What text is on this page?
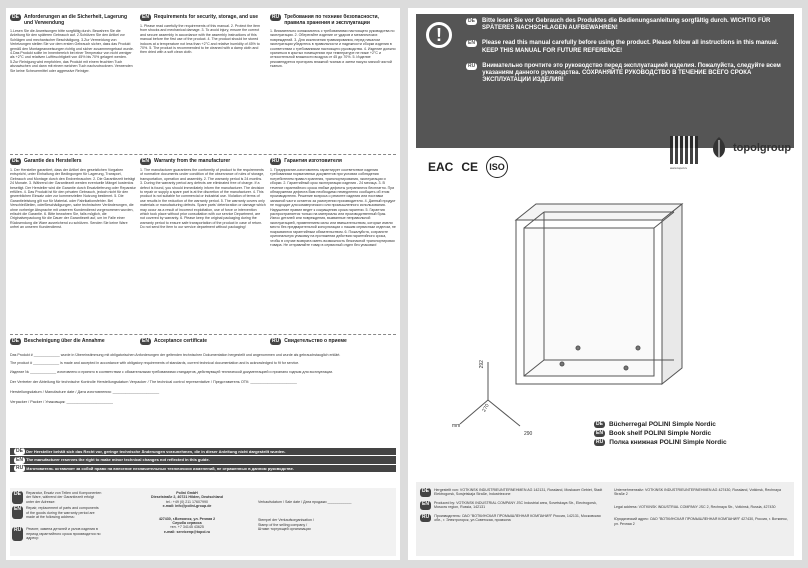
DE	Anforderungen an die Sicherheit, Lagerung und Verwendung
1.Lesen Sie die Anweisungen bitte sorgfältig durch. Bewahren Sie die Anleitung für den späteren Gebrauch auf. 2.Schützen Sie den Artikel vor Schlägen und mechanischer Beschädigung. 3.Zur Vermeidung von Verletzungen stellen Sie vor dem ersten Gebrauch sicher, dass das Produkt gemäß den Montageanweisungen richtig und sicher zusammengebaut wurde. 4.Das Produkt sollte im Innenbereich bei einer Temperatur von nicht weniger als +2°C und relativen Luftfeuchtigkeit von 45% bis 70% gelagert werden. 5.Zur Reinigung wird empfohlen, das Produkt mit einem feuchten Tuch abzuwischen und dann mit einem weichen Tuch nachzutrocknen. Verwenden Sie keine Scheuermittel oder aggressive Reiniger.
EN	Requirements for security, storage, and use
1. Please read carefully the requirements of this manual. 2. Protect the item from shocks and mechanical damage. 3. To avoid injury, ensure the correct and secure assembly in accordance with the assembly instructions of this manual before the first use of the product. 4. The product should be stored indoors at a temperature not less than +2°C and relative humidity of 45% to 70%. 5. The product is recommended to be cleaned with a damp cloth and then dried with a soft clean cloth.
RU	Требования по технике безопасности, правила хранения и эксплуатации
1. Внимательно ознакомьтесь с требованиями настоящего руководства по эксплуатации. 2. Оберегайте изделие от ударов и механических повреждений. 3. Для исключения травмирования, перед началом эксплуатации убедитесь в правильности и надежности сборки изделия в соответствии с требованиями настоящего руководства. 4. Изделие должно храниться в крытых помещениях при температуре не ниже +2°С и относительной влажности воздуха от 45 до 70%. 5. Изделие рекомендуется протирать влажной тканью и затем насухо мягкой чистой тканью.
DE	Garantie des Herstellers
1. Der Hersteller garantiert, dass der Artikel den gesetzlichen Vorgaben entspricht, unter Einhaltung der Bedingungen für Lagerung, Transport, Gebrauch und Montage durch den Endverbraucher. 2. Die Garantiezeit beträgt 24 Monate. 3. Während der Garantiezeit werden eventuelle Mängel kostenlos beseitigt. Der Hersteller wird die Garantie durch Ersatzlieferung oder Reparatur erfüllen. 4. Das Produkt ist für den privaten Gebrauch, jedoch nicht für den gewerblichen Einsatz oder zur kommerziellen Nutzung bestimmt. 5. Die Garantieleistung gilt nur für Material- oder Fabrikationsfehler. Bei Verschleißteilen, oderBeschädigungen, sahe technischen Veränderungen, die ohne vorherige Absprache mit unserem Kundendienst vorgenommen wurden, erlischt die Garantie. 6. Bitte bewahren Sie, falls möglich, die Originalverpackung für die Dauer der Garantiezeit auf, um im Falle einer Rücksendung die Ware ausreichend zu schützen. Senden Sie keine Ware unfrei an unseren Kundendienst.
EN	Warranty from the manufacturer
1. The manufacturer guarantees the conformity of product to the requirements of normative documents under condition of the observance of rules of storage, transportation, operation and assembly. 2. The warranty period is 24 months. 3. During the warranty period any defects are eliminated free of charge. If a defect is found, you should immediately inform the manufacturer. The decision to repair or supply a spare part is at the discretion of the manufacturer. 4. This product is not suitable for commercial or industrial use. Violation of terms of use results in the reduction of the warranty period. 5. The warranty covers only materials or manufacturing defects. Spare parts' deterioration or damage which may occur as a result of incorrect exploitation, use of force or intervention which took place without prior consultation with our service Department, are not covered by warranty. 6. Please keep the original packaging during the warranty period to ensure safe transportation of the product in case of return. Do not send the item to our service department without packaging!
RU	Гарантия изготовителя
1. Предприятие-изготовитель гарантирует соответствие изделия требованиям нормативных документов при условии соблюдения потребителем правил хранения, транспортирования, эксплуатации и сборки. 2. Гарантийный срок эксплуатации изделия - 24 месяца. 3. В течение гарантийного срока любые дефекты устраняются бесплатно. При обнаружении дефекта Вам необходимо немедленно сообщить об этом производителю. Решение вопроса о ремонте изделия или поставки запасной части остается за усмотрении производителя. 4. Данный продукт не подходит для коммерческого или промышленного использования. Нарушение правил ведет к сокращению срока гарантии. 5. Гарантия распространяется только на материалы или производственный брак. Износ деталей или повреждения, вызванные неправильной эксплуатацией, применением силы или вмешательством, которые имели место без предварительной консультации с нашим сервисным отделом, не покрываются гарантийным обязательством. 6. Пожалуйста, сохраните оригинальную упаковку на протяжении действия гарантийного срока, чтобы в случае возврата иметь возможность безопасной транспортировки товара. Не отправляйте товар в сервисный отдел без упаковки!
DE	Bescheinigung über die Annahme	EN	Acceptance certificate	RU	Свидетельство о приеме
Das Produkt # _____________ wurde in Übereinstimmung mit obligatorischen Anforderungen der geltenden technischen Dokumentation hergestellt und angenommen und wurde als gebrauchstauglich erklärt.
The product # _____________ is made and accepted in accordance with obligatory requirements of standards, current technical documentation and is acknowledged to fit for service.
Изделие № _____________ изготовлено и принято в соответствии с обязательными требованиями стандартов, действующей технической документацией и признано годным для эксплуатации.
Der Vertreter der Abteilung für technische Kontrolle Herstellungsdatum Verpacker / The technical control representative / Представитель ОТК: ______________________
Herstellungsdatum / Manufacture date / Дата изготовления: ______________________
Verpacker / Packer / Упаковщик: ______________________
DE Der Hersteller behält sich das Recht vor, geringe technische Änderungen vorzunehmen, die in dieser Anleitung nicht dargestellt wurden.
EN The manufacturer reserves the right to make minor technical changes not reflected in this guide.
RU Изготовитель оставляет за собой право на внесение незначительных технических изменений, не отраженных в данном руководстве.
DE	Reparatur, Ersatz von Teilen und Komponenten der Ware, während der Garantiezeit erfolgt unter der Adresse:
EN	Repair, replacement of parts and components of the goods during the warranty period are made at the following address:
RU	Ремонт, замена деталей и узлов изделия в период гарантийного срока производится по адресу:
Polini GmbH
Dieselstraße 2, 40721 Hilden, Deutschland
tel.: +49 (0) 211 17607990
e-mail: info@polini-group.de
427430, г.Воткинск, ул. Речная 2
Служба сервиса
тел. +7 34145 43625
e-mail: servicenp@topol.ru
Verkaufsdatum / Sale date / Дата продажи ____________
Stempel der Verkaufsorganisation /
Stamp of the selling company /
Штамп торгующей организации
!
DE	Bitte lesen Sie vor Gebrauch des Produktes die Bedienungsanleitung sorgfältig durch. WICHTIG FÜR SPÄTERES NACHSCHLAGEN AUFBEWAHREN!
EN	Please read this manual carefully before using the product. Please follow all instructions in this manual. KEEP THIS MANUAL FOR FUTURE REFERENCE!
RU	Внимательно прочтите это руководство перед эксплуатацией изделия. Пожалуйста, следуйте всем указаниям данного руководства. СОХРАНЯЙТЕ РУКОВОДСТВО В ТЕЧЕНИЕ ВСЕГО СРОКА ЭКСПЛУАТАЦИИ ИЗДЕЛИЯ!
EAC CE	ISO	www.topol.ru
topolgroup
292
270
290
mm	DE Bücherregal POLINI Simple Nordic
EN Book shelf POLINI Simple Nordic
RU Полка книжная POLINI Simple Nordic
DE	Hergestellt von: VOTKINSK INDUSTRIEUNTERNEHMEN AG 142131, Russland, Moskauer Gebiet, Stadt Elektrogorsk, Sowjetskaja Straße, Industriezone
EN	Produced by: VOTKINSK INDUSTRIAL COMPANY JSC Industrial area, Sovetskaya Str., Electrogorsk, Moscow region, Russia, 142131
RU	Производитель: ОАО "ВОТКИНСКАЯ ПРОМЫШЛЕННАЯ КОМПАНИЯ" Россия, 142131, Московская обл., г. Электрогорск, ул.Советская, промзона
Unternehmenssitz: VOTKINSK INDUSTRIEUNTERNEHMEN AG 427430, Russland, Votkinsk, Rechnaya Straße 2
Legal address: VOTKINSK INDUSTRIAL COMPANY JSC 2, Rechnaya Str., Votkinsk, Russia, 427430
Юридический адрес: ОАО "ВОТКИНСКАЯ ПРОМЫШЛЕННАЯ КОМПАНИЯ" 427430, Россия, г. Воткинск, ул. Речная 2
